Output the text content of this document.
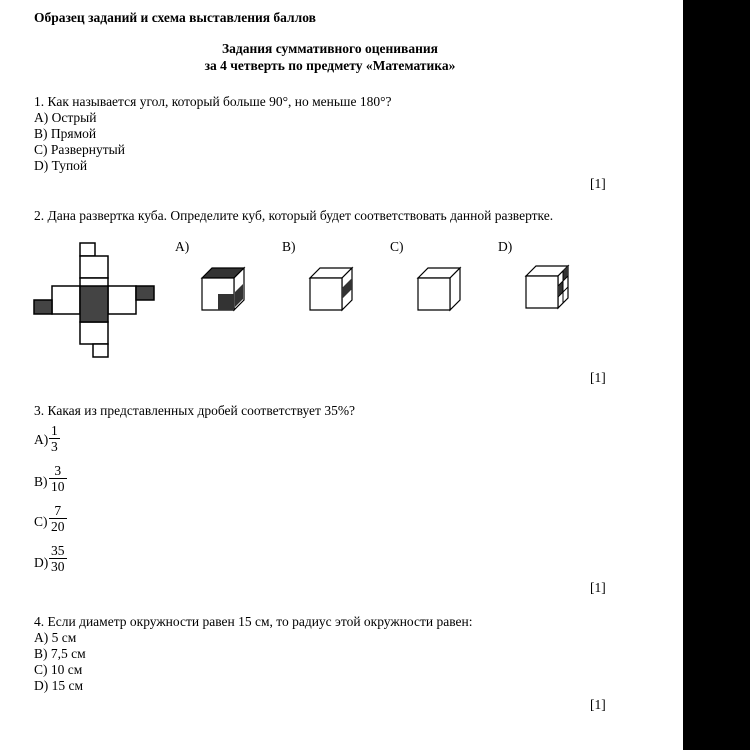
Образец заданий и схема выставления баллов
Задания суммативного оценивания
за 4 четверть по предмету «Математика»
1. Как называется угол, который больше 90°, но меньше 180°?
A) Острый
B) Прямой
C) Развернутый
D) Тупой
[1]
2. Дана развертка куба. Определите куб, который будет соответствовать данной развертке.
A)	B)	C)	D)
[1]
3. Какая из представленных дробей соответствует 35%?
A)
1
3
B)
3
10
C)
7
20
D)
35
30
[1]
4. Если диаметр окружности равен 15 см, то радиус этой окружности равен:
A) 5 см
B) 7,5 см
C) 10 см
D) 15 см
[1]
